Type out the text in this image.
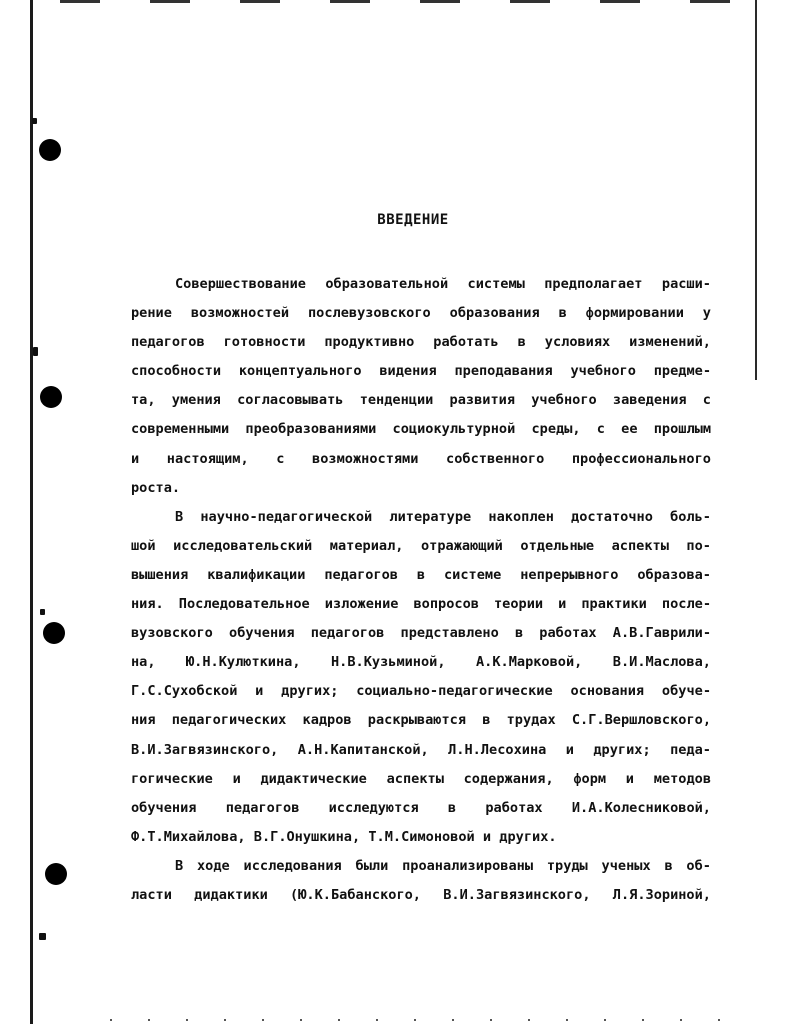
ВВЕДЕНИЕ
Совершествование образовательной системы предполагает расши-
рение возможностей послевузовского образования в формировании у
педагогов готовности продуктивно работать в условиях изменений,
способности концептуального видения преподавания учебного предме-
та, умения согласовывать тенденции развития учебного заведения с
современными преобразованиями социокультурной среды, с ее прошлым
и настоящим, с возможностями собственного профессионального
роста.
В научно-педагогической литературе накоплен достаточно боль-
шой исследовательский материал, отражающий отдельные аспекты по-
вышения квалификации педагогов в системе непрерывного образова-
ния. Последовательное изложение вопросов теории и практики после-
вузовского обучения педагогов представлено в работах А.В.Гаврили-
на, Ю.Н.Кулюткина, Н.В.Кузьминой, А.К.Марковой, В.И.Маслова,
Г.С.Сухобской и других; социально-педагогические основания обуче-
ния педагогических кадров раскрываются в трудах С.Г.Вершловского,
В.И.Загвязинского, А.Н.Капитанской, Л.Н.Лесохина и других; педа-
гогические и дидактические аспекты содержания, форм и методов
обучения педагогов исследуются в работах И.А.Колесниковой,
Ф.Т.Михайлова, В.Г.Онушкина, Т.М.Симоновой и других.
В ходе исследования были проанализированы труды ученых в об-
ласти дидактики (Ю.К.Бабанского, В.И.Загвязинского, Л.Я.Зориной,
